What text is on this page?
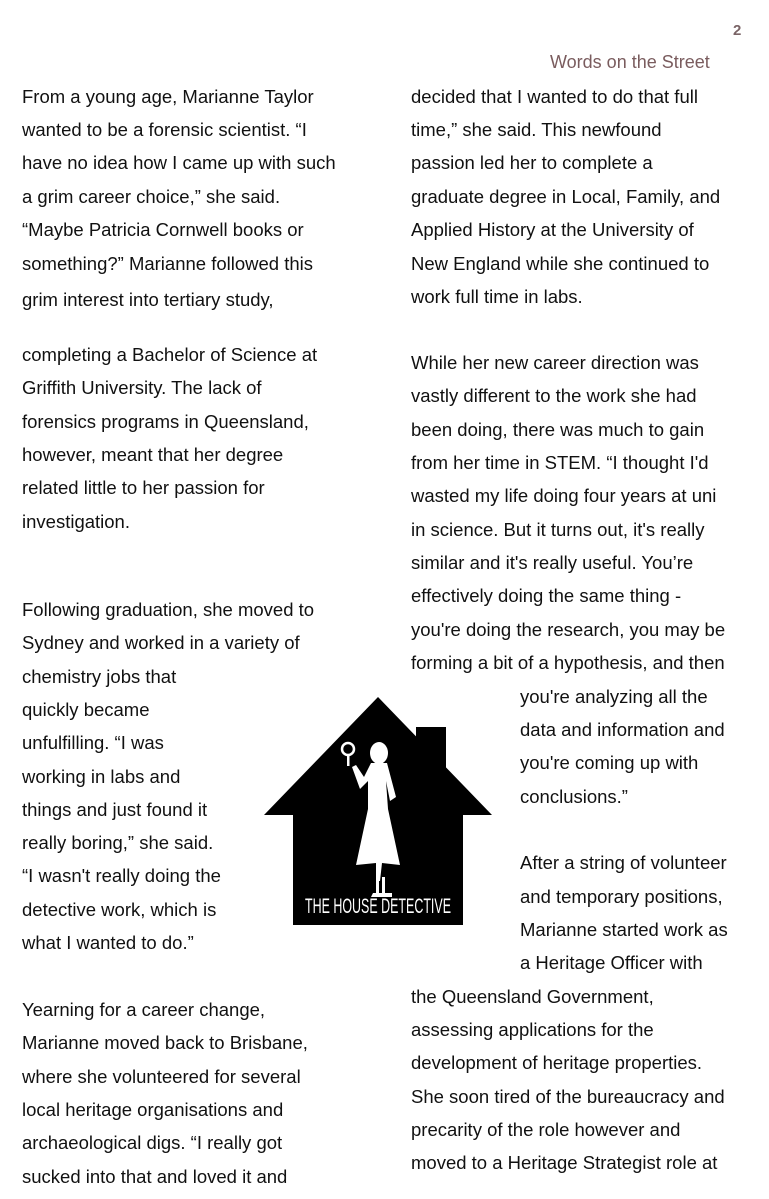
2
Words on the Street
From a young age, Marianne Taylor
wanted to be a forensic scientist. “I
have no idea how I came up with such
a grim career choice,” she said.
“Maybe Patricia Cornwell books or
something?” Marianne followed this
grim interest into tertiary study,
completing a Bachelor of Science at
Griffith University. The lack of
forensics programs in Queensland,
however, meant that her degree
related little to her passion for
investigation.
Following graduation, she moved to
Sydney and worked in a variety of
chemistry jobs that
quickly became
unfulfilling. “I was
working in labs and
things and just found it
really boring,” she said.
“I wasn't really doing the
detective work, which is
what I wanted to do.”
Yearning for a career change,
Marianne moved back to Brisbane,
where she volunteered for several
local heritage organisations and
archaeological digs. “I really got
sucked into that and loved it and
decided that I wanted to do that full
time,” she said. This newfound
passion led her to complete a
graduate degree in Local, Family, and
Applied History at the University of
New England while she continued to
work full time in labs.
While her new career direction was
vastly different to the work she had
been doing, there was much to gain
from her time in STEM. “I thought I'd
wasted my life doing four years at uni
in science. But it turns out, it's really
similar and it's really useful. You’re
effectively doing the same thing -
you're doing the research, you may be
forming a bit of a hypothesis, and then
you're analyzing all the
data and information and
you're coming up with
conclusions.”
After a string of volunteer
and temporary positions,
Marianne started work as
a Heritage Officer with
the Queensland Government,
assessing applications for the
development of heritage properties.
She soon tired of the bureaucracy and
precarity of the role however and
moved to a Heritage Strategist role at
THE HOUSE DETECTIVE
